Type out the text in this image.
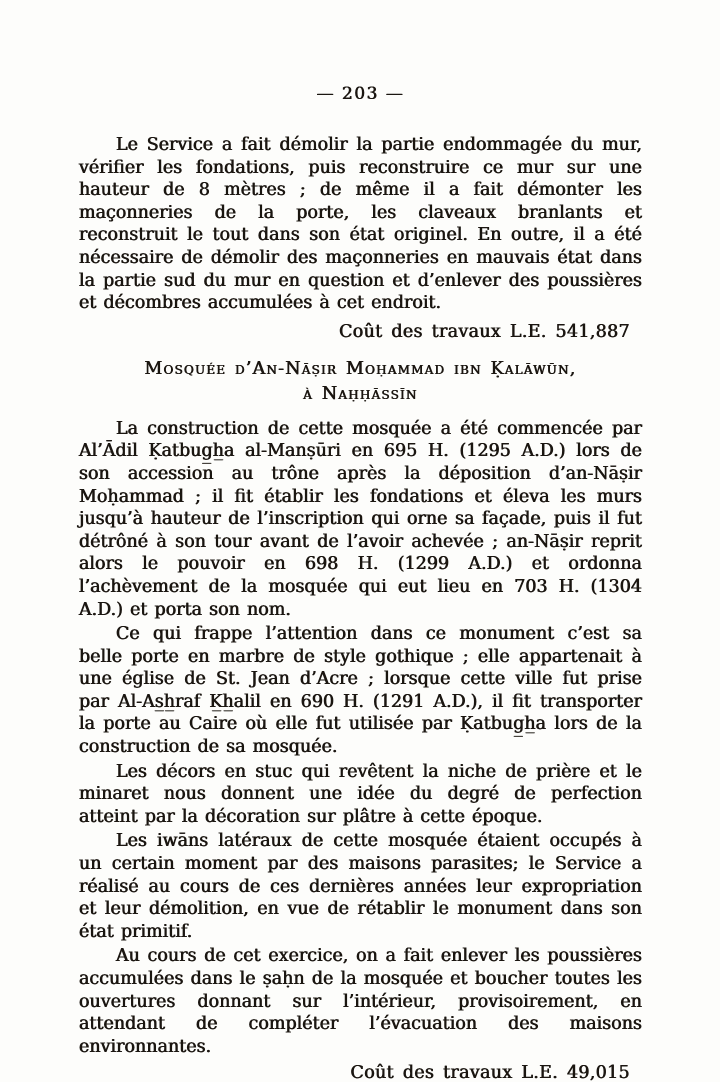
— 203 —

Le Service a fait démolir la partie endommagée du mur, vérifier les fondations, puis reconstruire ce mur sur une hauteur de 8 mètres ; de même il a fait démonter les maçonneries de la porte, les claveaux branlants et reconstruit le tout dans son état originel. En outre, il a été nécessaire de démolir des maçonneries en mauvais état dans la partie sud du mur en question et d’enlever des poussières et décombres accumulées à cet endroit.

Coût des travaux L.E. 541,887

Mosquée d’An-Nāṣir Moḥammad ibn Ḳalāwūn,
à Naḥḥāssīn

La construction de cette mosquée a été commencée par Al’Ādil Ḳatbug̲h̲a al-Manṣūri en 695 H. (1295 A.D.) lors de son accession au trône après la déposition d’an-Nāṣir Moḥammad ; il fit établir les fondations et éleva les murs jusqu’à hauteur de l’inscription qui orne sa façade, puis il fut détrôné à son tour avant de l’avoir achevée ; an-Nāṣir reprit alors le pouvoir en 698 H. (1299 A.D.) et ordonna l’achèvement de la mosquée qui eut lieu en 703 H. (1304 A.D.) et porta son nom.

Ce qui frappe l’attention dans ce monument c’est sa belle porte en marbre de style gothique ; elle appartenait à une église de St. Jean d’Acre ; lorsque cette ville fut prise par Al-As̲h̲raf K̲h̲alil en 690 H. (1291 A.D.), il fit transporter la porte au Caire où elle fut utilisée par Ḳatbug̲h̲a lors de la construction de sa mosquée.

Les décors en stuc qui revêtent la niche de prière et le minaret nous donnent une idée du degré de perfection atteint par la décoration sur plâtre à cette époque.

Les iwāns latéraux de cette mosquée étaient occupés à un certain moment par des maisons parasites; le Service a réalisé au cours de ces dernières années leur expropriation et leur démolition, en vue de rétablir le monument dans son état primitif.

Au cours de cet exercice, on a fait enlever les poussières accumulées dans le ṣaḥn de la mosquée et boucher toutes les ouvertures donnant sur l’intérieur, provisoirement, en attendant de compléter l’évacuation des maisons environnantes.

Coût des travaux L.E. 49,015
